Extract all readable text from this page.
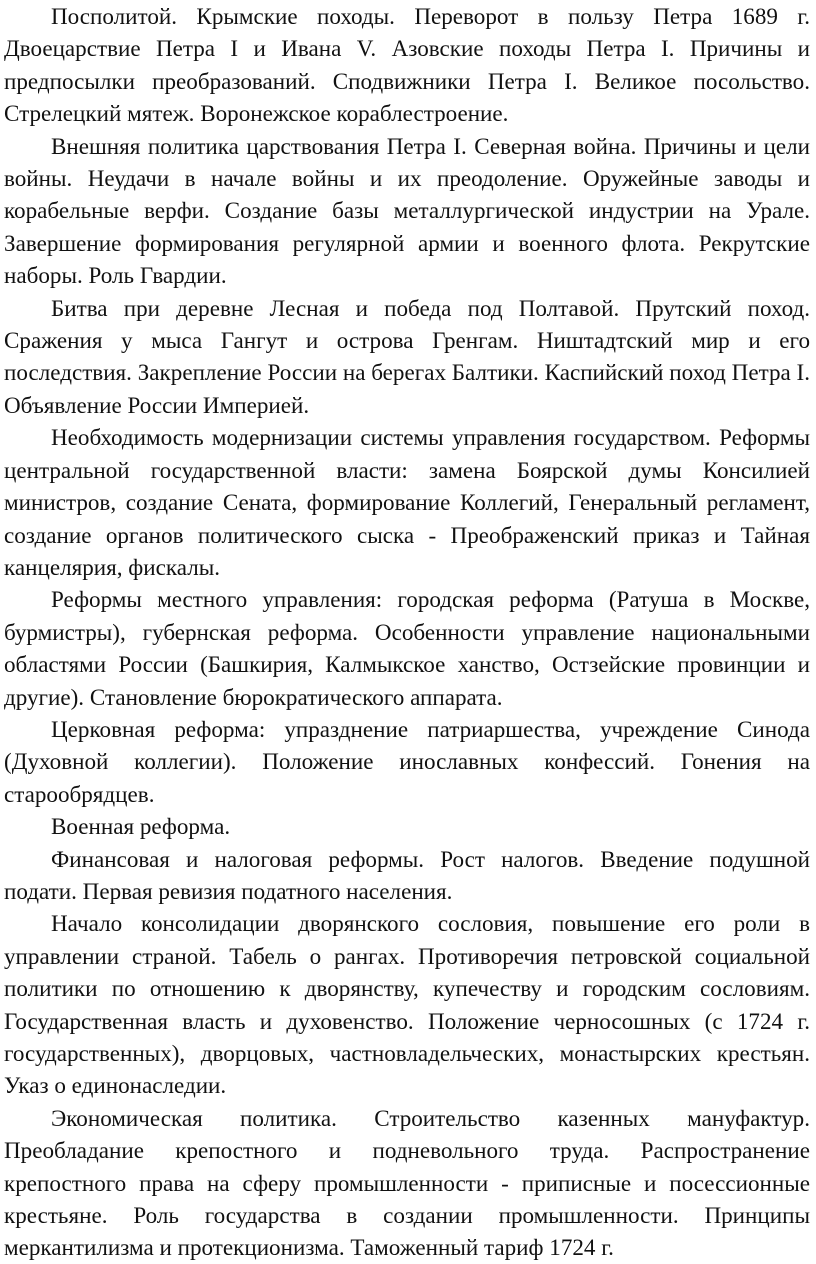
Посполитой. Крымские походы. Переворот в пользу Петра 1689 г. Двоецарствие Петра I и Ивана V. Азовские походы Петра I. Причины и предпосылки преобразований. Сподвижники Петра I. Великое посольство. Стрелецкий мятеж. Воронежское кораблестроение.

Внешняя политика царствования Петра I. Северная война. Причины и цели войны. Неудачи в начале войны и их преодоление. Оружейные заводы и корабельные верфи. Создание базы металлургической индустрии на Урале. Завершение формирования регулярной армии и военного флота. Рекрутские наборы. Роль Гвардии.

Битва при деревне Лесная и победа под Полтавой. Прутский поход. Сражения у мыса Гангут и острова Гренгам. Ништадтский мир и его последствия. Закрепление России на берегах Балтики. Каспийский поход Петра I. Объявление России Империей.

Необходимость модернизации системы управления государством. Реформы центральной государственной власти: замена Боярской думы Консилией министров, создание Сената, формирование Коллегий, Генеральный регламент, создание органов политического сыска - Преображенский приказ и Тайная канцелярия, фискалы.

Реформы местного управления: городская реформа (Ратуша в Москве, бурмистры), губернская реформа. Особенности управление национальными областями России (Башкирия, Калмыкское ханство, Остзейские провинции и другие). Становление бюрократического аппарата.

Церковная реформа: упразднение патриаршества, учреждение Синода (Духовной коллегии). Положение инославных конфессий. Гонения на старообрядцев.

Военная реформа.

Финансовая и налоговая реформы. Рост налогов. Введение подушной подати. Первая ревизия податного населения.

Начало консолидации дворянского сословия, повышение его роли в управлении страной. Табель о рангах. Противоречия петровской социальной политики по отношению к дворянству, купечеству и городским сословиям. Государственная власть и духовенство. Положение черносошных (с 1724 г. государственных), дворцовых, частновладельческих, монастырских крестьян. Указ о единонаследии.

Экономическая политика. Строительство казенных мануфактур. Преобладание крепостного и подневольного труда. Распространение крепостного права на сферу промышленности - приписные и посессионные крестьяне. Роль государства в создании промышленности. Принципы меркантилизма и протекционизма. Таможенный тариф 1724 г.
